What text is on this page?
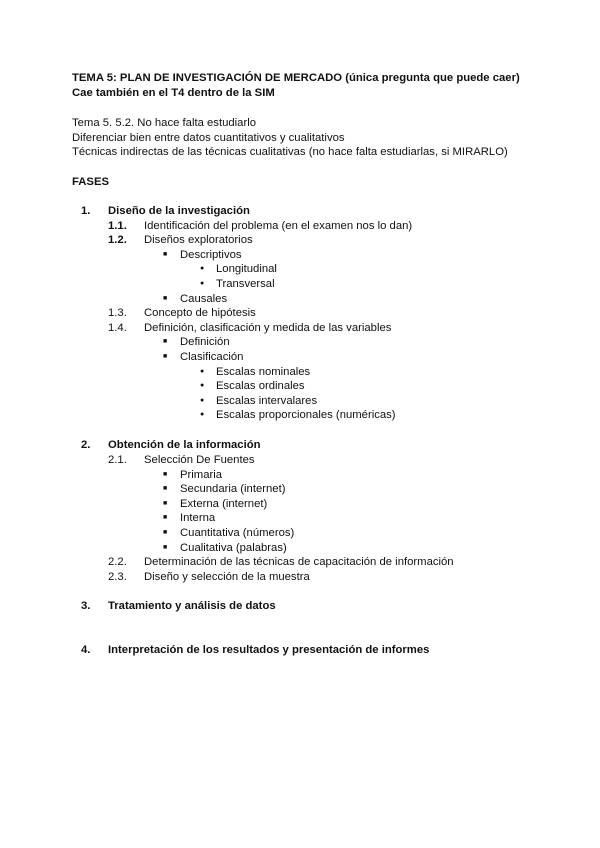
TEMA 5: PLAN DE INVESTIGACIÓN DE MERCADO (única pregunta que puede caer)
Cae también en el T4 dentro de la SIM
Tema 5. 5.2. No hace falta estudiarlo
Diferenciar bien entre datos cuantitativos y cualitativos
Técnicas indirectas de las técnicas cualitativas (no hace falta estudiarlas, si MIRARLO)
FASES
1. Diseño de la investigación
1.1. Identificación del problema (en el examen nos lo dan)
1.2. Diseños exploratorios
■ Descriptivos
● Longitudinal
● Transversal
■ Causales
1.3. Concepto de hipótesis
1.4. Definición, clasificación y medida de las variables
■ Definición
■ Clasificación
● Escalas nominales
● Escalas ordinales
● Escalas intervalares
● Escalas proporcionales (numéricas)
2. Obtención de la información
2.1. Selección De Fuentes
■ Primaria
■ Secundaria (internet)
■ Externa (internet)
■ Interna
■ Cuantitativa (números)
■ Cualitativa (palabras)
2.2. Determinación de las técnicas de capacitación de información
2.3. Diseño y selección de la muestra
3. Tratamiento y análisis de datos
4. Interpretación de los resultados y presentación de informes
